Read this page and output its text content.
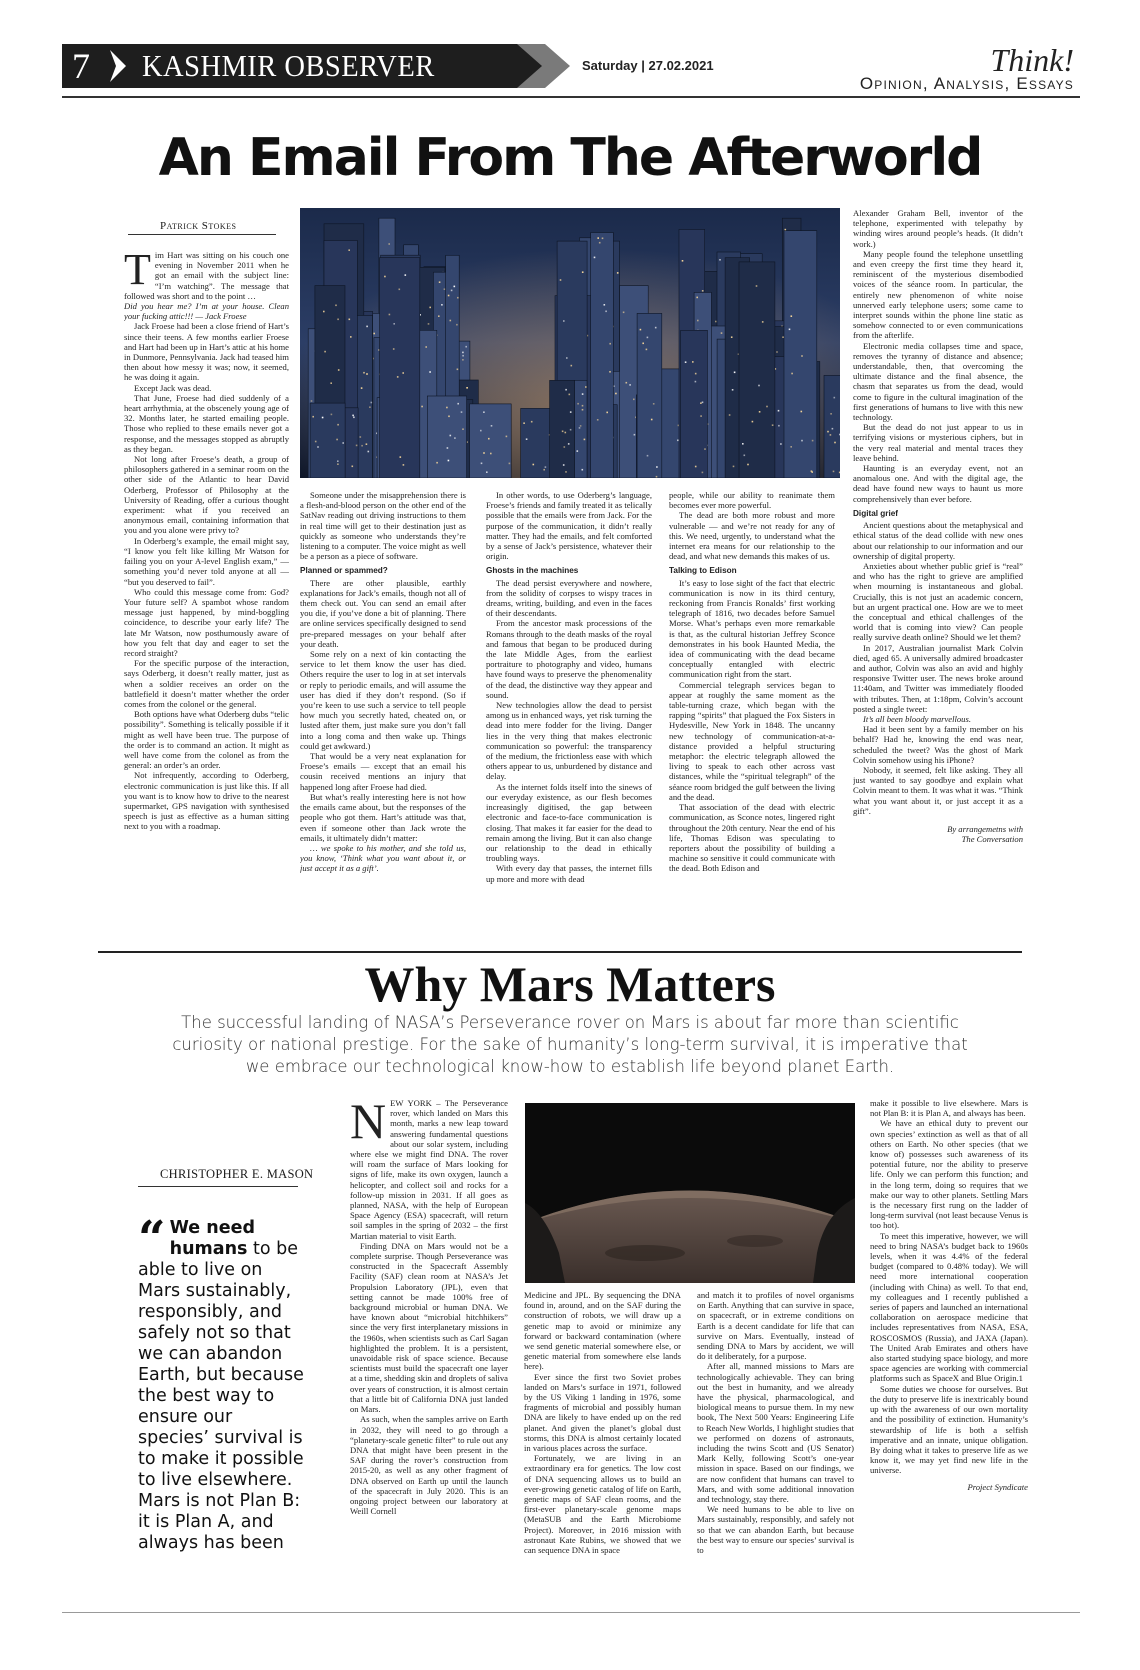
7 KASHMIR OBSERVER	Saturday | 27.02.2021	Think!
Opinion, Analysis, Essays
An Email From The Afterworld
Patrick Stokes

Tim Hart was sitting on his couch one evening in November 2011 when he got an email with the subject line: “I’m watching”. The message that followed was short and to the point …

Did you hear me? I’m at your house. Clean your fucking attic!!! — Jack Froese

Jack Froese had been a close friend of Hart’s since their teens. A few months earlier Froese and Hart had been up in Hart’s attic at his home in Dunmore, Pennsylvania. Jack had teased him then about how messy it was; now, it seemed, he was doing it again.

Except Jack was dead.

That June, Froese had died suddenly of a heart arrhythmia, at the obscenely young age of 32. Months later, he started emailing people. Those who replied to these emails never got a response, and the messages stopped as abruptly as they began.

Not long after Froese’s death, a group of philosophers gathered in a seminar room on the other side of the Atlantic to hear David Oderberg, Professor of Philosophy at the University of Reading, offer a curious thought experiment: what if you received an anonymous email, containing information that you and you alone were privy to?

In Oderberg’s example, the email might say, “I know you felt like killing Mr Watson for failing you on your A-level English exam,” — something you’d never told anyone at all — “but you deserved to fail”.

Who could this message come from: God? Your future self? A spambot whose random message just happened, by mind-boggling coincidence, to describe your early life? The late Mr Watson, now posthumously aware of how you felt that day and eager to set the record straight?

For the specific purpose of the interaction, says Oderberg, it doesn’t really matter, just as when a soldier receives an order on the battlefield it doesn’t matter whether the order comes from the colonel or the general.

Both options have what Oderberg dubs “telic possibility”. Something is telically possible if it might as well have been true. The purpose of the order is to command an action. It might as well have come from the colonel as from the general: an order’s an order.

Not infrequently, according to Oderberg, electronic communication is just like this. If all you want is to know how to drive to the nearest supermarket, GPS navigation with synthesised speech is just as effective as a human sitting next to you with a roadmap.

Someone under the misapprehension there is a flesh-and-blood person on the other end of the SatNav reading out driving instructions to them in real time will get to their destination just as quickly as someone who understands they’re listening to a computer. The voice might as well be a person as a piece of software.

Planned or spammed?

There are other plausible, earthly explanations for Jack’s emails, though not all of them check out. You can send an email after you die, if you’ve done a bit of planning. There are online services specifically designed to send pre-prepared messages on your behalf after your death.

Some rely on a next of kin contacting the service to let them know the user has died. Others require the user to log in at set intervals or reply to periodic emails, and will assume the user has died if they don’t respond. (So if you’re keen to use such a service to tell people how much you secretly hated, cheated on, or lusted after them, just make sure you don’t fall into a long coma and then wake up. Things could get awkward.)

That would be a very neat explanation for Froese’s emails — except that an email his cousin received mentions an injury that happened long after Froese had died.

But what’s really interesting here is not how the emails came about, but the responses of the people who got them. Hart’s attitude was that, even if someone other than Jack wrote the emails, it ultimately didn’t matter:

… we spoke to his mother, and she told us, you know, ‘Think what you want about it, or just accept it as a gift’.

In other words, to use Oderberg’s language, Froese’s friends and family treated it as telically possible that the emails were from Jack. For the purpose of the communication, it didn’t really matter. They had the emails, and felt comforted by a sense of Jack’s persistence, whatever their origin.

Ghosts in the machines

The dead persist everywhere and nowhere, from the solidity of corpses to wispy traces in dreams, writing, building, and even in the faces of their descendants.

From the ancestor mask processions of the Romans through to the death masks of the royal and famous that began to be produced during the late Middle Ages, from the earliest portraiture to photography and video, humans have found ways to preserve the phenomenality of the dead, the distinctive way they appear and sound.

New technologies allow the dead to persist among us in enhanced ways, yet risk turning the dead into mere fodder for the living. Danger lies in the very thing that makes electronic communication so powerful: the transparency of the medium, the frictionless ease with which others appear to us, unburdened by distance and delay.

As the internet folds itself into the sinews of our everyday existence, as our flesh becomes increasingly digitised, the gap between electronic and face-to-face communication is closing. That makes it far easier for the dead to remain among the living. But it can also change our relationship to the dead in ethically troubling ways.

With every day that passes, the internet fills up more and more with dead

people, while our ability to reanimate them becomes ever more powerful.

The dead are both more robust and more vulnerable — and we’re not ready for any of this. We need, urgently, to understand what the internet era means for our relationship to the dead, and what new demands this makes of us.

Talking to Edison

It’s easy to lose sight of the fact that electric communication is now in its third century, reckoning from Francis Ronalds’ first working telegraph of 1816, two decades before Samuel Morse. What’s perhaps even more remarkable is that, as the cultural historian Jeffrey Sconce demonstrates in his book Haunted Media, the idea of communicating with the dead became conceptually entangled with electric communication right from the start.

Commercial telegraph services began to appear at roughly the same moment as the table-turning craze, which began with the rapping “spirits” that plagued the Fox Sisters in Hydesville, New York in 1848. The uncanny new technology of communication-at-a-distance provided a helpful structuring metaphor: the electric telegraph allowed the living to speak to each other across vast distances, while the “spiritual telegraph” of the séance room bridged the gulf between the living and the dead.

That association of the dead with electric communication, as Sconce notes, lingered right throughout the 20th century. Near the end of his life, Thomas Edison was speculating to reporters about the possibility of building a machine so sensitive it could communicate with the dead. Both Edison and

Alexander Graham Bell, inventor of the telephone, experimented with telepathy by winding wires around people’s heads. (It didn’t work.)

Many people found the telephone unsettling and even creepy the first time they heard it, reminiscent of the mysterious disembodied voices of the séance room. In particular, the entirely new phenomenon of white noise unnerved early telephone users; some came to interpret sounds within the phone line static as somehow connected to or even communications from the afterlife.

Electronic media collapses time and space, removes the tyranny of distance and absence; understandable, then, that overcoming the ultimate distance and the final absence, the chasm that separates us from the dead, would come to figure in the cultural imagination of the first generations of humans to live with this new technology.

But the dead do not just appear to us in terrifying visions or mysterious ciphers, but in the very real material and mental traces they leave behind.

Haunting is an everyday event, not an anomalous one. And with the digital age, the dead have found new ways to haunt us more comprehensively than ever before.

Digital grief

Ancient questions about the metaphysical and ethical status of the dead collide with new ones about our relationship to our information and our ownership of digital property.

Anxieties about whether public grief is “real” and who has the right to grieve are amplified when mourning is instantaneous and global. Crucially, this is not just an academic concern, but an urgent practical one. How are we to meet the conceptual and ethical challenges of the world that is coming into view? Can people really survive death online? Should we let them?

In 2017, Australian journalist Mark Colvin died, aged 65. A universally admired broadcaster and author, Colvin was also an avid and highly responsive Twitter user. The news broke around 11:40am, and Twitter was immediately flooded with tributes. Then, at 1:18pm, Colvin’s account posted a single tweet:

It’s all been bloody marvellous.

Had it been sent by a family member on his behalf? Had he, knowing the end was near, scheduled the tweet? Was the ghost of Mark Colvin somehow using his iPhone?

Nobody, it seemed, felt like asking. They all just wanted to say goodbye and explain what Colvin meant to them. It was what it was. “Think what you want about it, or just accept it as a gift”.

By arrangemetns with

The Conversation

Why Mars Matters

The successful landing of NASA’s Perseverance rover on Mars is about far more than scientific curiosity or national prestige. For the sake of humanity’s long-term survival, it is imperative that we embrace our technological know-how to establish life beyond planet Earth.

CHRISTOPHER E. MASON
“ We need humans to be able to live on Mars sustainably, responsibly, and safely not so that we can abandon Earth, but because the best way to ensure our species’ survival is to make it possible to live elsewhere. Mars is not Plan B: it is Plan A, and always has been

NEW YORK – The Perseverance rover, which landed on Mars this month, marks a new leap toward answering fundamental questions about our solar system, including where else we might find DNA. The rover will roam the surface of Mars looking for signs of life, make its own oxygen, launch a helicopter, and collect soil and rocks for a follow-up mission in 2031. If all goes as planned, NASA, with the help of European Space Agency (ESA) spacecraft, will return soil samples in the spring of 2032 – the first Martian material to visit Earth.

Finding DNA on Mars would not be a complete surprise. Though Perseverance was constructed in the Spacecraft Assembly Facility (SAF) clean room at NASA’s Jet Propulsion Laboratory (JPL), even that setting cannot be made 100% free of background microbial or human DNA. We have known about “microbial hitchhikers” since the very first interplanetary missions in the 1960s, when scientists such as Carl Sagan highlighted the problem. It is a persistent, unavoidable risk of space science. Because scientists must build the spacecraft one layer at a time, shedding skin and droplets of saliva over years of construction, it is almost certain that a little bit of California DNA just landed on Mars.

As such, when the samples arrive on Earth in 2032, they will need to go through a “planetary-scale genetic filter” to rule out any DNA that might have been present in the SAF during the rover’s construction from 2015-20, as well as any other fragment of DNA observed on Earth up until the launch of the spacecraft in July 2020. This is an ongoing project between our laboratory at Weill Cornell

Medicine and JPL. By sequencing the DNA found in, around, and on the SAF during the construction of robots, we will draw up a genetic map to avoid or minimize any forward or backward contamination (where we send genetic material somewhere else, or genetic material from somewhere else lands here).

Ever since the first two Soviet probes landed on Mars’s surface in 1971, followed by the US Viking 1 landing in 1976, some fragments of microbial and possibly human DNA are likely to have ended up on the red planet. And given the planet’s global dust storms, this DNA is almost certainly located in various places across the surface.

Fortunately, we are living in an extraordinary era for genetics. The low cost of DNA sequencing allows us to build an ever-growing genetic catalog of life on Earth, genetic maps of SAF clean rooms, and the first-ever planetary-scale genome maps (MetaSUB and the Earth Microbiome Project). Moreover, in 2016 mission with astronaut Kate Rubins, we showed that we can sequence DNA in space

and match it to profiles of novel organisms on Earth. Anything that can survive in space, on spacecraft, or in extreme conditions on Earth is a decent candidate for life that can survive on Mars. Eventually, instead of sending DNA to Mars by accident, we will do it deliberately, for a purpose.

After all, manned missions to Mars are technologically achievable. They can bring out the best in humanity, and we already have the physical, pharmacological, and biological means to pursue them. In my new book, The Next 500 Years: Engineering Life to Reach New Worlds, I highlight studies that we performed on dozens of astronauts, including the twins Scott and (US Senator) Mark Kelly, following Scott’s one-year mission in space. Based on our findings, we are now confident that humans can travel to Mars, and with some additional innovation and technology, stay there.

We need humans to be able to live on Mars sustainably, responsibly, and safely not so that we can abandon Earth, but because the best way to ensure our species’ survival is to

make it possible to live elsewhere. Mars is not Plan B: it is Plan A, and always has been.

We have an ethical duty to prevent our own species’ extinction as well as that of all others on Earth. No other species (that we know of) possesses such awareness of its potential future, nor the ability to preserve life. Only we can perform this function; and in the long term, doing so requires that we make our way to other planets. Settling Mars is the necessary first rung on the ladder of long-term survival (not least because Venus is too hot).

To meet this imperative, however, we will need to bring NASA’s budget back to 1960s levels, when it was 4.4% of the federal budget (compared to 0.48% today). We will need more international cooperation (including with China) as well. To that end, my colleagues and I recently published a series of papers and launched an international collaboration on aerospace medicine that includes representatives from NASA, ESA, ROSCOSMOS (Russia), and JAXA (Japan). The United Arab Emirates and others have also started studying space biology, and more space agencies are working with commercial platforms such as SpaceX and Blue Origin.1

Some duties we choose for ourselves. But the duty to preserve life is inextricably bound up with the awareness of our own mortality and the possibility of extinction. Humanity’s stewardship of life is both a selfish imperative and an innate, unique obligation. By doing what it takes to preserve life as we know it, we may yet find new life in the universe.

Project Syndicate
